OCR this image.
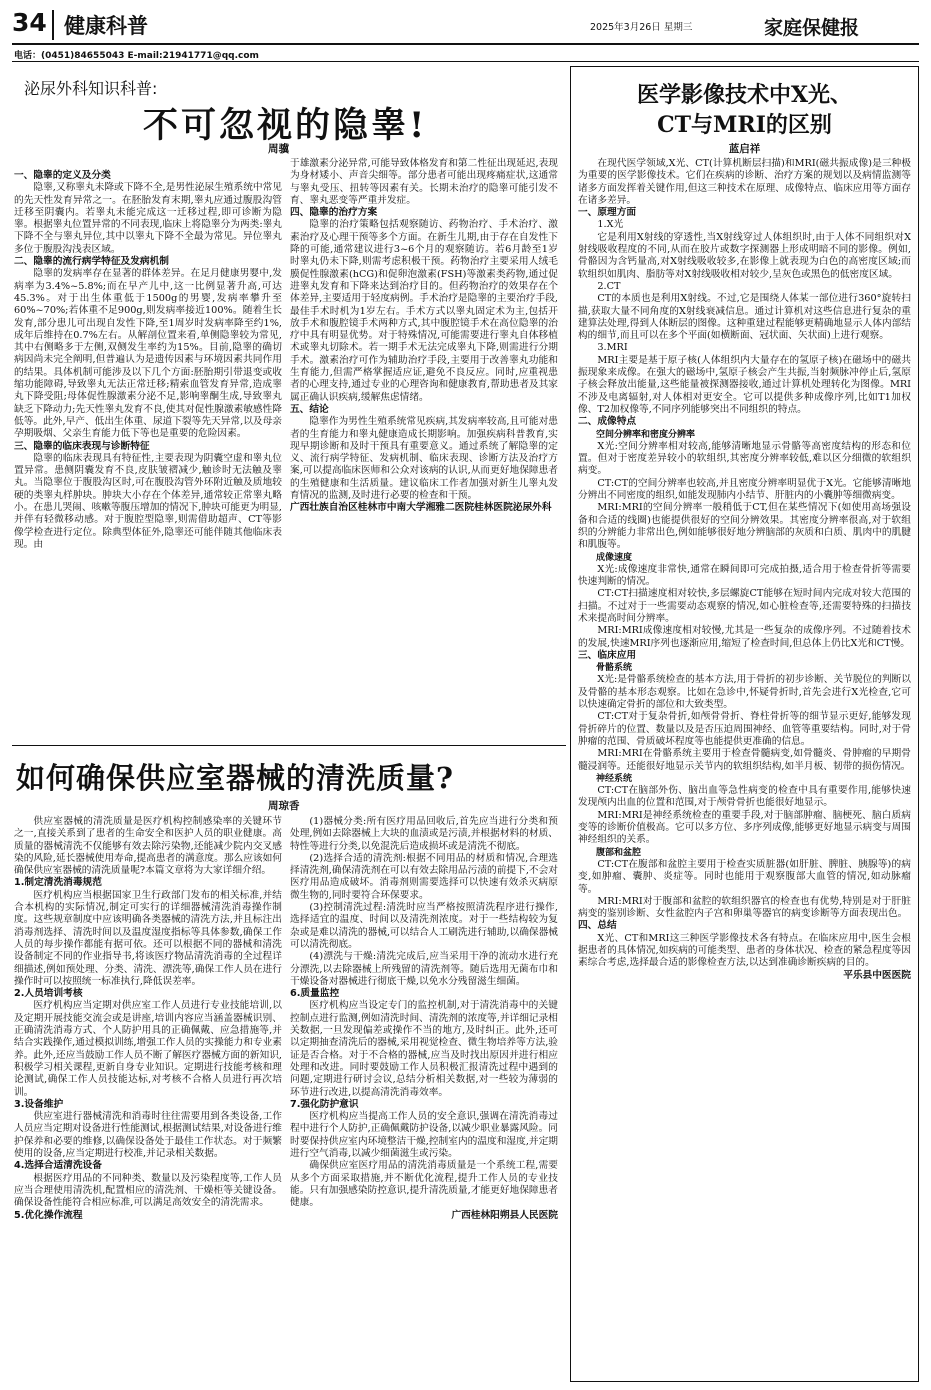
34 健康科普	2025年3月26日 星期三	家庭保健报
电话：(0451)84655043 E-mail:21941771@qq.com
泌尿外科知识科普:
不可忽视的隐睾!
周骥

一、隐睾的定义及分类

隐睾,又称睾丸未降或下降不全,是男性泌尿生殖系统中常见的先天性发育异常之一。在胚胎发育末期,睾丸应通过腹股沟管迁移至阴囊内。若睾丸未能完成这一迁移过程,即可诊断为隐睾。根据睾丸位置异常的不同表现,临床上将隐睾分为两类:睾丸下降不全与睾丸异位,其中以睾丸下降不全最为常见。异位睾丸多位于腹股沟浅表区域。

二、隐睾的流行病学特征及发病机制

隐睾的发病率存在显著的群体差异。在足月健康男婴中,发病率为3.4%~5.8%;而在早产儿中,这一比例显著升高,可达45.3%。对于出生体重低于1500g的男婴,发病率攀升至60%~70%;若体重不足900g,则发病率接近100%。随着生长发育,部分患儿可出现自发性下降,至1周岁时发病率降至约1%,成年后维持在0.7%左右。从解剖位置来看,单侧隐睾较为常见,其中右侧略多于左侧,双侧发生率约为15%。目前,隐睾的确切病因尚未完全阐明,但普遍认为是遗传因素与环境因素共同作用的结果。具体机制可能涉及以下几个方面:胚胎期引带退变或收缩功能障碍,导致睾丸无法正常迁移;精索血管发育异常,造成睾丸下降受阻;母体促性腺激素分泌不足,影响睾酮生成,导致睾丸缺乏下降动力;先天性睾丸发育不良,使其对促性腺激素敏感性降低等。此外,早产、低出生体重、尿道下裂等先天异常,以及母亲孕期吸烟、父亲生育能力低下等也是重要的危险因素。

三、隐睾的临床表现与诊断特征

隐睾的临床表现具有特征性,主要表现为阴囊空虚和睾丸位置异常。患侧阴囊发育不良,皮肤皱褶减少,触诊时无法触及睾丸。当隐睾位于腹股沟区时,可在腹股沟管外环附近触及质地较硬的类睾丸样肿块。肿块大小存在个体差异,通常较正常睾丸略小。在患儿哭闹、咳嗽等腹压增加的情况下,肿块可能更为明显,并伴有轻微移动感。对于腹腔型隐睾,则需借助超声、CT等影像学检查进行定位。除典型体征外,隐睾还可能伴随其他临床表现。由

于雄激素分泌异常,可能导致体格发育和第二性征出现延迟,表现为身材矮小、声音尖细等。部分患者可能出现疼痛症状,这通常与睾丸受压、扭转等因素有关。长期未治疗的隐睾可能引发不育、睾丸恶变等严重并发症。

四、隐睾的治疗方案

隐睾的治疗策略包括观察随访、药物治疗、手术治疗、激素治疗及心理干预等多个方面。在新生儿期,由于存在自发性下降的可能,通常建议进行3~6个月的观察随访。若6月龄至1岁时睾丸仍未下降,则需考虑积极干预。药物治疗主要采用人绒毛膜促性腺激素(hCG)和促卵泡激素(FSH)等激素类药物,通过促进睾丸发育和下降来达到治疗目的。但药物治疗的效果存在个体差异,主要适用于轻度病例。手术治疗是隐睾的主要治疗手段,最佳手术时机为1岁左右。手术方式以睾丸固定术为主,包括开放手术和腹腔镜手术两种方式,其中腹腔镜手术在高位隐睾的治疗中具有明显优势。对于特殊情况,可能需要进行睾丸自体移植术或睾丸切除术。若一期手术无法完成睾丸下降,则需进行分期手术。激素治疗可作为辅助治疗手段,主要用于改善睾丸功能和生育能力,但需严格掌握适应证,避免不良反应。同时,应重视患者的心理支持,通过专业的心理咨询和健康教育,帮助患者及其家属正确认识疾病,缓解焦虑情绪。

五、结论

隐睾作为男性生殖系统常见疾病,其发病率较高,且可能对患者的生育能力和睾丸健康造成长期影响。加强疾病科普教育,实现早期诊断和及时干预具有重要意义。通过系统了解隐睾的定义、流行病学特征、发病机制、临床表现、诊断方法及治疗方案,可以提高临床医师和公众对该病的认识,从而更好地保障患者的生殖健康和生活质量。建议临床工作者加强对新生儿睾丸发育情况的监测,及时进行必要的检查和干预。

广西壮族自治区桂林市中南大学湘雅二医院桂林医院泌尿外科

如何确保供应室器械的清洗质量?
周琼香

供应室器械的清洗质量是医疗机构控制感染率的关键环节之一,直接关系到了患者的生命安全和医护人员的职业健康。高质量的器械清洗不仅能够有效去除污染物,还能减少院内交叉感染的风险,延长器械使用寿命,提高患者的满意度。那么应该如何确保供应室器械的清洗质量呢?本篇文章将为大家详细介绍。

1.制定清洗消毒规范

医疗机构应当根据国家卫生行政部门发布的相关标准,并结合本机构的实际情况,制定可实行的详细器械清洗消毒操作制度。这些规章制度中应该明确各类器械的清洗方法,并且标注出消毒剂选择、清洗时间以及温度湿度指标等具体参数,确保工作人员的每步操作都能有据可依。还可以根据不同的器械和清洗设备制定不同的作业指导书,将该医疗物品清洗消毒的全过程详细描述,例如预处理、分类、清洗、漂洗等,确保工作人员在进行操作时可以按照统一标准执行,降低误差率。

2.人员培训考核

医疗机构应当定期对供应室工作人员进行专业技能培训,以及定期开展技能交流会或是讲座,培训内容应当涵盖器械识别、正确清洗消毒方式、个人防护用具的正确佩戴、应急措施等,并结合实践操作,通过模拟训练,增强工作人员的实操能力和专业素养。此外,还应当鼓励工作人员不断了解医疗器械方面的新知识,积极学习相关课程,更新自身专业知识。定期进行技能考核和理论测试,确保工作人员技能达标,对考核不合格人员进行再次培训。

3.设备维护

供应室进行器械清洗和消毒时往往需要用到各类设备,工作人员应当定期对设备进行性能测试,根据测试结果,对设备进行维护保养和必要的维修,以确保设备处于最佳工作状态。对于频繁使用的设备,应当定期进行校准,并记录相关数据。

4.选择合适清洗设备

根据医疗用品的不同种类、数量以及污染程度等,工作人员应当合理使用清洗机,配置相应的清洗剂、干燥柜等关键设备。确保设备性能符合相应标准,可以满足高效安全的清洗需求。

5.优化操作流程

(1)器械分类:所有医疗用品回收后,首先应当进行分类和预处理,例如去除器械上大块的血渍或是污渍,并根据材料的材质、特性等进行分类,以免混洗后造成损坏或是清洗不彻底。

(2)选择合适的清洗剂:根据不同用品的材质和情况,合理选择清洗剂,确保清洗剂在可以有效去除用品污渍的前提下,不会对医疗用品造成破坏。消毒剂则需要选择可以快速有效杀灭病原微生物的,同时要符合环保要求。

(3)控制清洗过程:清洗时应当严格按照清洗程序进行操作,选择适宜的温度、时间以及清洗剂浓度。对于一些结构较为复杂或是难以清洗的器械,可以结合人工刷洗进行辅助,以确保器械可以清洗彻底。

(4)漂洗与干燥:清洗完成后,应当采用干净的流动水进行充分漂洗,以去除器械上所残留的清洗剂等。随后选用无菌布巾和干燥设备对器械进行彻底干燥,以免水分残留滋生细菌。

6.质量监控

医疗机构应当设定专门的监控机制,对于清洗消毒中的关键控制点进行监测,例如清洗时间、清洗剂的浓度等,并详细记录相关数据,一旦发现偏差或操作不当的地方,及时纠正。此外,还可以定期抽查清洗后的器械,采用视觉检查、微生物培养等方法,验证是否合格。对于不合格的器械,应当及时找出原因并进行相应处理和改进。同时要鼓励工作人员积极汇报清洗过程中遇到的问题,定期进行研讨会议,总结分析相关数据,对一些较为薄弱的环节进行改进,以提高清洗消毒效率。

7.强化防护意识

医疗机构应当提高工作人员的安全意识,强调在清洗消毒过程中进行个人防护,正确佩戴防护设备,以减少职业暴露风险。同时要保持供应室内环境整洁干燥,控制室内的温度和湿度,并定期进行空气消毒,以减少细菌滋生或污染。

确保供应室医疗用品的清洗消毒质量是一个系统工程,需要从多个方面采取措施,并不断优化流程,提升工作人员的专业技能。只有加强感染防控意识,提升清洗质量,才能更好地保障患者健康。

广西桂林阳朔县人民医院

医学影像技术中X光、
CT与MRI的区别
蓝启祥

在现代医学领域,X光、CT(计算机断层扫描)和MRI(磁共振成像)是三种极为重要的医学影像技术。它们在疾病的诊断、治疗方案的规划以及病情监测等诸多方面发挥着关键作用,但这三种技术在原理、成像特点、临床应用等方面存在诸多差异。

一、原理方面

1.X光

它是利用X射线的穿透性,当X射线穿过人体组织时,由于人体不同组织对X射线吸收程度的不同,从而在胶片或数字探测器上形成明暗不同的影像。例如,骨骼因为含钙量高,对X射线吸收较多,在影像上就表现为白色的高密度区域;而软组织如肌肉、脂肪等对X射线吸收相对较少,呈灰色或黑色的低密度区域。

2.CT

CT的本质也是利用X射线。不过,它是围绕人体某一部位进行360°旋转扫描,获取大量不同角度的X射线衰减信息。通过计算机对这些信息进行复杂的重建算法处理,得到人体断层的图像。这种重建过程能够更精确地显示人体内部结构的细节,而且可以在多个平面(如横断面、冠状面、矢状面)上进行观察。

3.MRI

MRI主要是基于原子核(人体组织内大量存在的氢原子核)在磁场中的磁共振现象来成像。在强大的磁场中,氢原子核会产生共振,当射频脉冲停止后,氢原子核会释放出能量,这些能量被探测器接收,通过计算机处理转化为图像。MRI不涉及电离辐射,对人体相对更安全。它可以提供多种成像序列,比如T1加权像、T2加权像等,不同序列能够突出不同组织的特点。

二、成像特点

空间分辨率和密度分辨率

X光:空间分辨率相对较高,能够清晰地显示骨骼等高密度结构的形态和位置。但对于密度差异较小的软组织,其密度分辨率较低,难以区分细微的软组织病变。

CT:CT的空间分辨率也较高,并且密度分辨率明显优于X光。它能够清晰地分辨出不同密度的组织,如能发现肺内小结节、肝脏内的小囊肿等细微病变。

MRI:MRI的空间分辨率一般稍低于CT,但在某些情况下(如使用高场强设备和合适的线圈)也能提供很好的空间分辨效果。其密度分辨率很高,对于软组织的分辨能力非常出色,例如能够很好地分辨脑部的灰质和白质、肌肉中的肌腱和肌腹等。

成像速度

X光:成像速度非常快,通常在瞬间即可完成拍摄,适合用于检查骨折等需要快速判断的情况。

CT:CT扫描速度相对较快,多层螺旋CT能够在短时间内完成对较大范围的扫描。不过对于一些需要动态观察的情况,如心脏检查等,还需要特殊的扫描技术来提高时间分辨率。

MRI:MRI成像速度相对较慢,尤其是一些复杂的成像序列。不过随着技术的发展,快速MRI序列也逐渐应用,缩短了检查时间,但总体上仍比X光和CT慢。

三、临床应用

骨骼系统

X光:是骨骼系统检查的基本方法,用于骨折的初步诊断、关节脱位的判断以及骨骼的基本形态观察。比如在急诊中,怀疑骨折时,首先会进行X光检查,它可以快速确定骨折的部位和大致类型。

CT:CT对于复杂骨折,如颅骨骨折、脊柱骨折等的细节显示更好,能够发现骨折碎片的位置、数量以及是否压迫周围神经、血管等重要结构。同时,对于骨肿瘤的范围、骨质破坏程度等也能提供更准确的信息。

MRI:MRI在骨骼系统主要用于检查骨髓病变,如骨髓炎、骨肿瘤的早期骨髓浸润等。还能很好地显示关节内的软组织结构,如半月板、韧带的损伤情况。

神经系统

CT:CT在脑部外伤、脑出血等急性病变的检查中具有重要作用,能够快速发现颅内出血的位置和范围,对于颅骨骨折也能很好地显示。

MRI:MRI是神经系统检查的重要手段,对于脑部肿瘤、脑梗死、脑白质病变等的诊断价值极高。它可以多方位、多序列成像,能够更好地显示病变与周围神经组织的关系。

腹部和盆腔

CT:CT在腹部和盆腔主要用于检查实质脏器(如肝脏、脾脏、胰腺等)的病变,如肿瘤、囊肿、炎症等。同时也能用于观察腹部大血管的情况,如动脉瘤等。

MRI:MRI对于腹部和盆腔的软组织器官的检查也有优势,特别是对于肝脏病变的鉴别诊断、女性盆腔内子宫和卵巢等器官的病变诊断等方面表现出色。

四、总结

X光、CT和MRI这三种医学影像技术各有特点。在临床应用中,医生会根据患者的具体情况,如疾病的可能类型、患者的身体状况、检查的紧急程度等因素综合考虑,选择最合适的影像检查方法,以达到准确诊断疾病的目的。

平乐县中医医院
